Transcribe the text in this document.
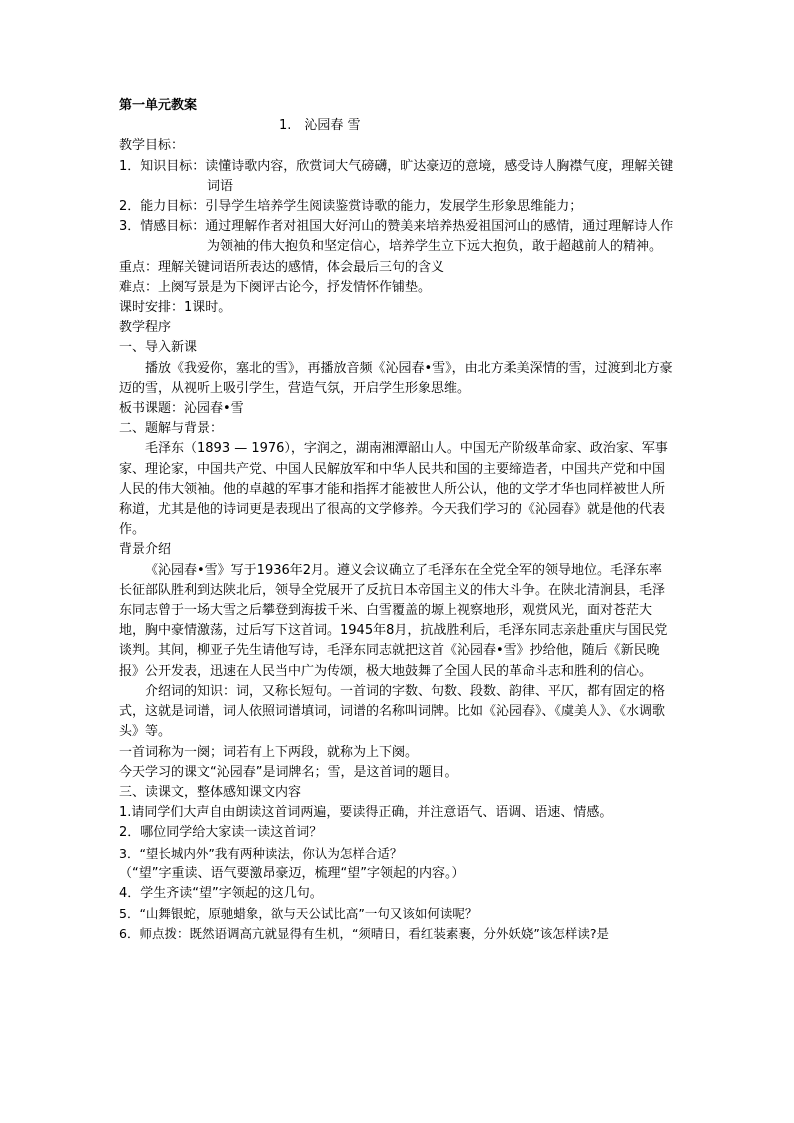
第一单元教案

1.　沁园春 雪

教学目标：

1．知识目标：读懂诗歌内容，欣赏词大气磅礴，旷达豪迈的意境，感受诗人胸襟气度，理解关键词语

2．能力目标：引导学生培养学生阅读鉴赏诗歌的能力，发展学生形象思维能力；

3．情感目标：通过理解作者对祖国大好河山的赞美来培养热爱祖国河山的感情，通过理解诗人作为领袖的伟大抱负和坚定信心，培养学生立下远大抱负，敢于超越前人的精神。

重点：理解关键词语所表达的感情，体会最后三句的含义

难点：上阕写景是为下阕评古论今，抒发情怀作铺垫。

课时安排：1课时。

教学程序

一、导入新课

播放《我爱你，塞北的雪》，再播放音频《沁园春•雪》，由北方柔美深情的雪，过渡到北方豪迈的雪，从视听上吸引学生，营造气氛，开启学生形象思维。

板书课题：沁园春•雪

二、题解与背景：

毛泽东（1893 — 1976），字润之，湖南湘潭韶山人。中国无产阶级革命家、政治家、军事家、理论家，中国共产党、中国人民解放军和中华人民共和国的主要缔造者，中国共产党和中国人民的伟大领袖。他的卓越的军事才能和指挥才能被世人所公认，他的文学才华也同样被世人所称道，尤其是他的诗词更是表现出了很高的文学修养。今天我们学习的《沁园春》就是他的代表作。

背景介绍

《沁园春•雪》写于1936年2月。遵义会议确立了毛泽东在全党全军的领导地位。毛泽东率长征部队胜利到达陕北后，领导全党展开了反抗日本帝国主义的伟大斗争。在陕北清涧县，毛泽东同志曾于一场大雪之后攀登到海拔千米、白雪覆盖的塬上视察地形，观赏风光，面对苍茫大地，胸中豪情激荡，过后写下这首词。1945年8月，抗战胜利后，毛泽东同志亲赴重庆与国民党谈判。其间，柳亚子先生请他写诗，毛泽东同志就把这首《沁园春•雪》抄给他，随后《新民晚报》公开发表，迅速在人民当中广为传颂，极大地鼓舞了全国人民的革命斗志和胜利的信心。

介绍词的知识：词，又称长短句。一首词的字数、句数、段数、韵律、平仄，都有固定的格式，这就是词谱，词人依照词谱填词，词谱的名称叫词牌。比如《沁园春》、《虞美人》、《水调歌头》等。

一首词称为一阕；词若有上下两段，就称为上下阕。

今天学习的课文“沁园春”是词牌名；雪，是这首词的题目。

三、读课文，整体感知课文内容

1.请同学们大声自由朗读这首词两遍，要读得正确，并注意语气、语调、语速、情感。

2．哪位同学给大家读一读这首词？

3．“望长城内外”我有两种读法，你认为怎样合适？

（“望”字重读、语气要激昂豪迈，梳理“望”字领起的内容。）

4．学生齐读“望”字领起的这几句。

5．“山舞银蛇，原驰蜡象，欲与天公试比高”一句又该如何读呢？

6．师点拨：既然语调高亢就显得有生机，“须晴日，看红装素裹，分外妖娆”该怎样读?是
